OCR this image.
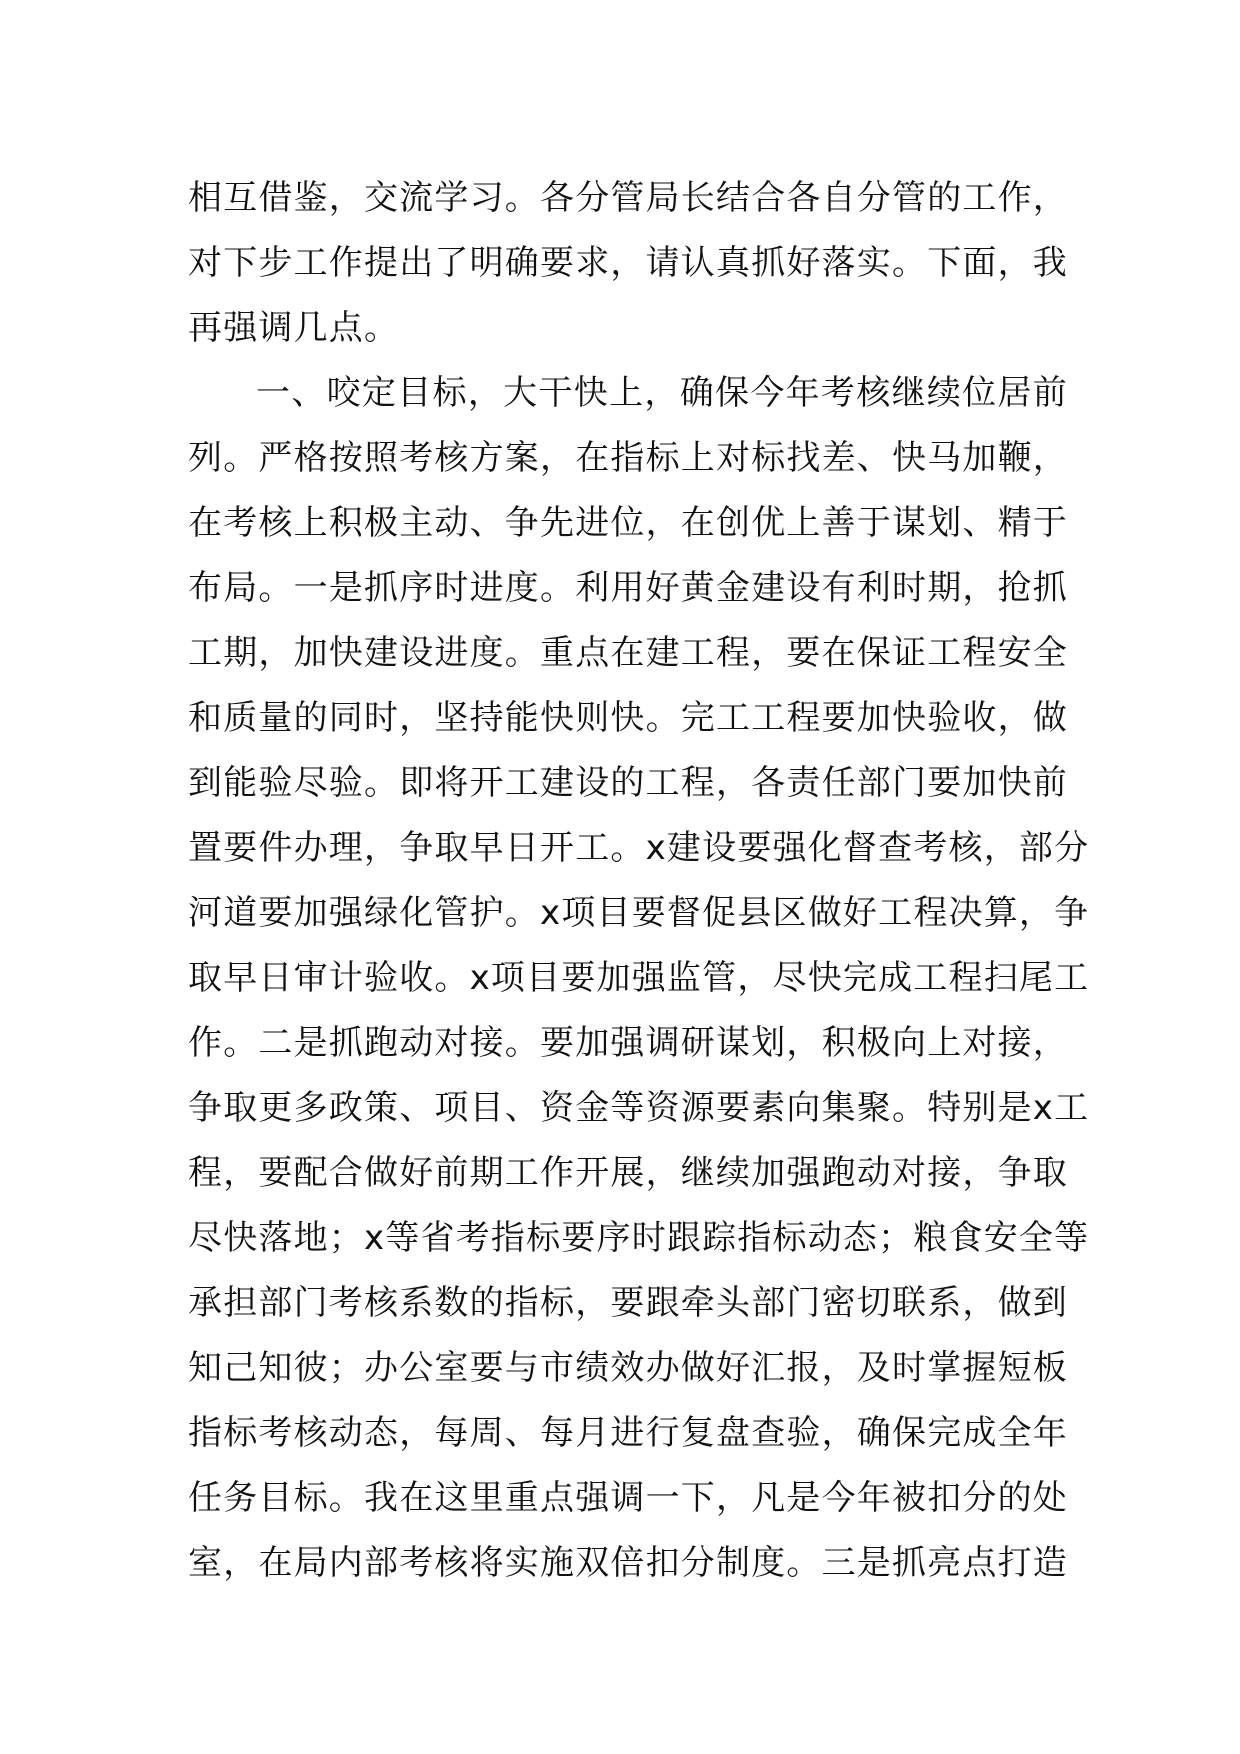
相互借鉴，交流学习。各分管局长结合各自分管的工作，
对下步工作提出了明确要求，请认真抓好落实。下面，我
再强调几点。
一、咬定目标，大干快上，确保今年考核继续位居前
列。严格按照考核方案，在指标上对标找差、快马加鞭，
在考核上积极主动、争先进位，在创优上善于谋划、精于
布局。一是抓序时进度。利用好黄金建设有利时期，抢抓
工期，加快建设进度。重点在建工程，要在保证工程安全
和质量的同时，坚持能快则快。完工工程要加快验收，做
到能验尽验。即将开工建设的工程，各责任部门要加快前
置要件办理，争取早日开工。x建设要强化督查考核，部分
河道要加强绿化管护。x项目要督促县区做好工程决算，争
取早日审计验收。x项目要加强监管，尽快完成工程扫尾工
作。二是抓跑动对接。要加强调研谋划，积极向上对接，
争取更多政策、项目、资金等资源要素向集聚。特别是x工
程，要配合做好前期工作开展，继续加强跑动对接，争取
尽快落地；x等省考指标要序时跟踪指标动态；粮食安全等
承担部门考核系数的指标，要跟牵头部门密切联系，做到
知己知彼；办公室要与市绩效办做好汇报，及时掌握短板
指标考核动态，每周、每月进行复盘查验，确保完成全年
任务目标。我在这里重点强调一下，凡是今年被扣分的处
室，在局内部考核将实施双倍扣分制度。三是抓亮点打造
